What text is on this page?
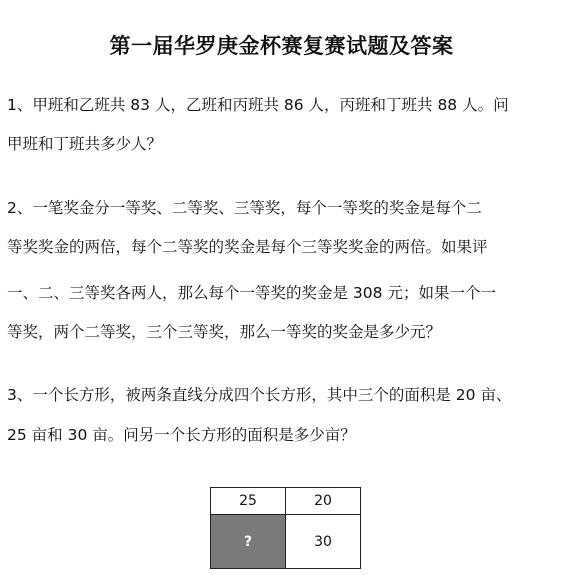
第一届华罗庚金杯赛复赛试题及答案
1、甲班和乙班共 83 人，乙班和丙班共 86 人，丙班和丁班共 88 人。问
甲班和丁班共多少人？
2、一笔奖金分一等奖、二等奖、三等奖，每个一等奖的奖金是每个二
等奖奖金的两倍，每个二等奖的奖金是每个三等奖奖金的两倍。如果评
一、二、三等奖各两人，那么每个一等奖的奖金是 308 元；如果一个一
等奖，两个二等奖，三个三等奖，那么一等奖的奖金是多少元？
3、一个长方形，被两条直线分成四个长方形，其中三个的面积是 20 亩、
25 亩和 30 亩。问另一个长方形的面积是多少亩？
25	20
?	30
